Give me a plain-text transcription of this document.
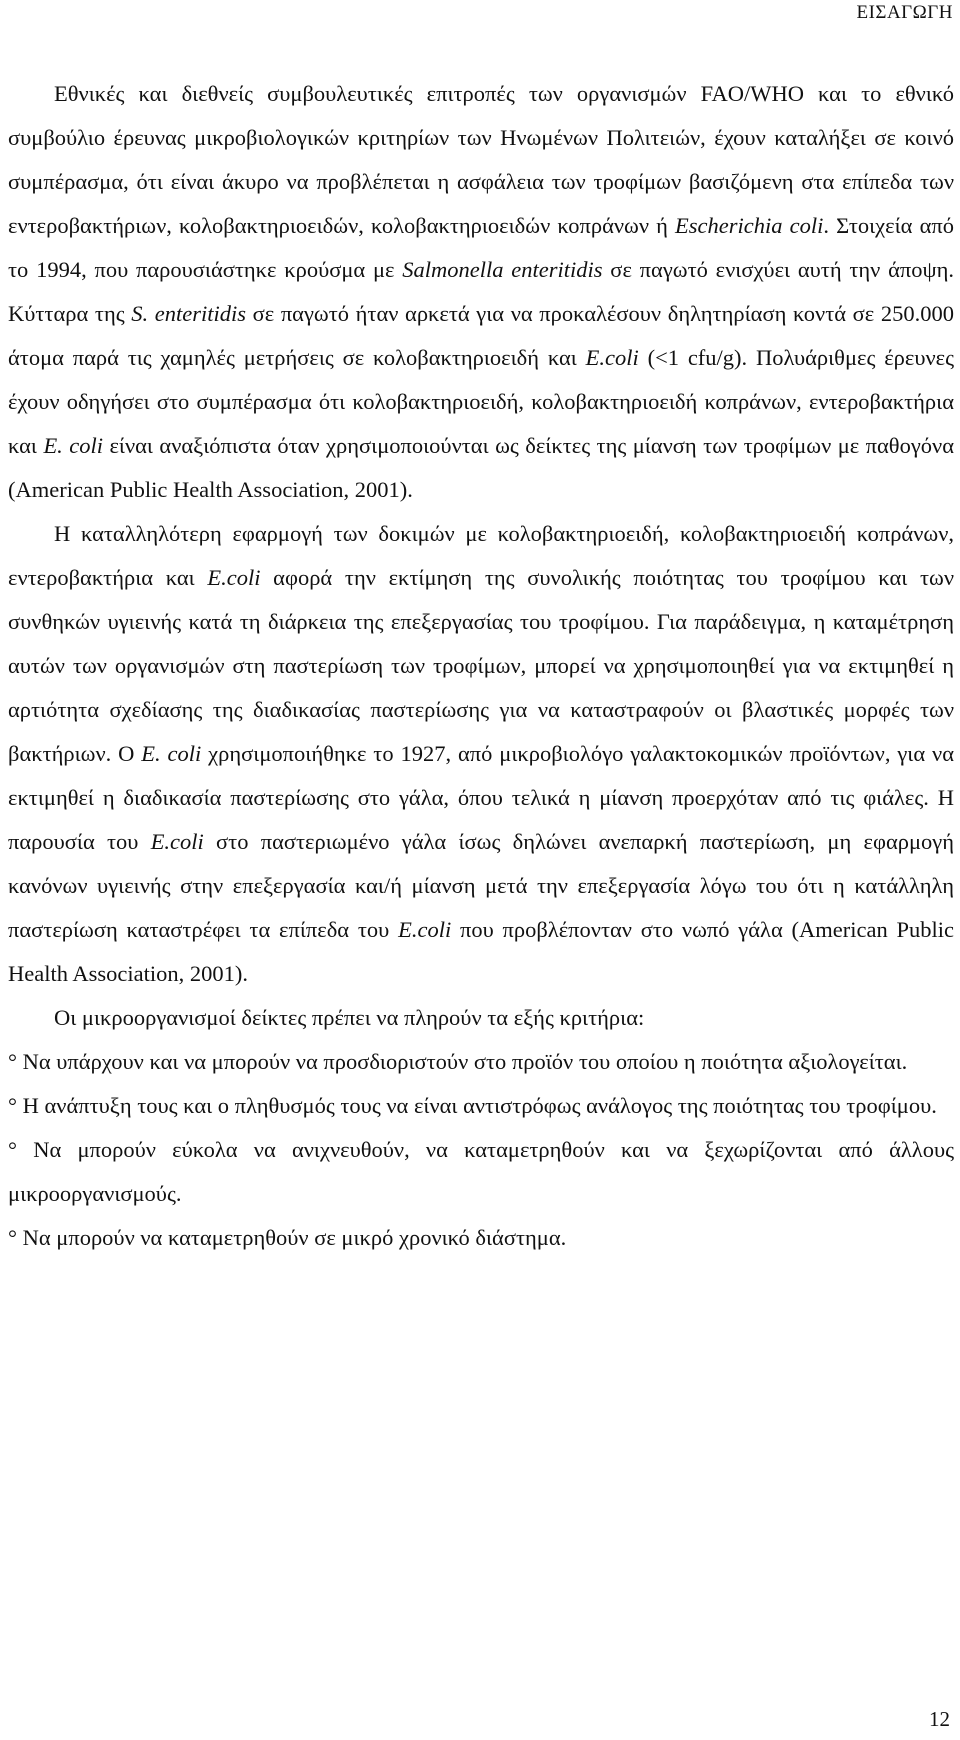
ΕΙΣΑΓΩΓΗ

Εθνικές και διεθνείς συμβουλευτικές επιτροπές των οργανισμών FAO/WHO και το εθνικό συμβούλιο έρευνας μικροβιολογικών κριτηρίων των Ηνωμένων Πολιτειών, έχουν καταλήξει σε κοινό συμπέρασμα, ότι είναι άκυρο να προβλέπεται η ασφάλεια των τροφίμων βασιζόμενη στα επίπεδα των εντεροβακτήριων, κολοβακτηριοειδών, κολοβακτηριοειδών κοπράνων ή Escherichia coli. Στοιχεία από το 1994, που παρουσιάστηκε κρούσμα με Salmonella enteritidis σε παγωτό ενισχύει αυτή την άποψη. Κύτταρα της S. enteritidis σε παγωτό ήταν αρκετά για να προκαλέσουν δηλητηρίαση κοντά σε 250.000 άτομα παρά τις χαμηλές μετρήσεις σε κολοβακτηριοειδή και E.coli (<1 cfu/g). Πολυάριθμες έρευνες έχουν οδηγήσει στο συμπέρασμα ότι κολοβακτηριοειδή, κολοβακτηριοειδή κοπράνων, εντεροβακτήρια και E. coli είναι αναξιόπιστα όταν χρησιμοποιούνται ως δείκτες της μίανση των τροφίμων με παθογόνα (American Public Health Association, 2001).

Η καταλληλότερη εφαρμογή των δοκιμών με κολοβακτηριοειδή, κολοβακτηριοειδή κοπράνων, εντεροβακτήρια και E.coli αφορά την εκτίμηση της συνολικής ποιότητας του τροφίμου και των συνθηκών υγιεινής κατά τη διάρκεια της επεξεργασίας του τροφίμου. Για παράδειγμα, η καταμέτρηση αυτών των οργανισμών στη παστερίωση των τροφίμων, μπορεί να χρησιμοποιηθεί για να εκτιμηθεί η αρτιότητα σχεδίασης της διαδικασίας παστερίωσης για να καταστραφούν οι βλαστικές μορφές των βακτήριων. Ο E. coli χρησιμοποιήθηκε το 1927, από μικροβιολόγο γαλακτοκομικών προϊόντων, για να εκτιμηθεί η διαδικασία παστερίωσης στο γάλα, όπου τελικά η μίανση προερχόταν από τις φιάλες. Η παρουσία του E.coli στο παστεριωμένο γάλα ίσως δηλώνει ανεπαρκή παστερίωση, μη εφαρμογή κανόνων υγιεινής στην επεξεργασία και/ή μίανση μετά την επεξεργασία λόγω του ότι η κατάλληλη παστερίωση καταστρέφει τα επίπεδα του E.coli που προβλέπονταν στο νωπό γάλα (American Public Health Association, 2001).

Οι μικροοργανισμοί δείκτες πρέπει να πληρούν τα εξής κριτήρια:

° Να υπάρχουν και να μπορούν να προσδιοριστούν στο προϊόν του οποίου η ποιότητα αξιολογείται.

° Η ανάπτυξη τους και ο πληθυσμός τους να είναι αντιστρόφως ανάλογος της ποιότητας του τροφίμου.

° Να μπορούν εύκολα να ανιχνευθούν, να καταμετρηθούν και να ξεχωρίζονται από άλλους μικροοργανισμούς.

° Να μπορούν να καταμετρηθούν σε μικρό χρονικό διάστημα.

12
